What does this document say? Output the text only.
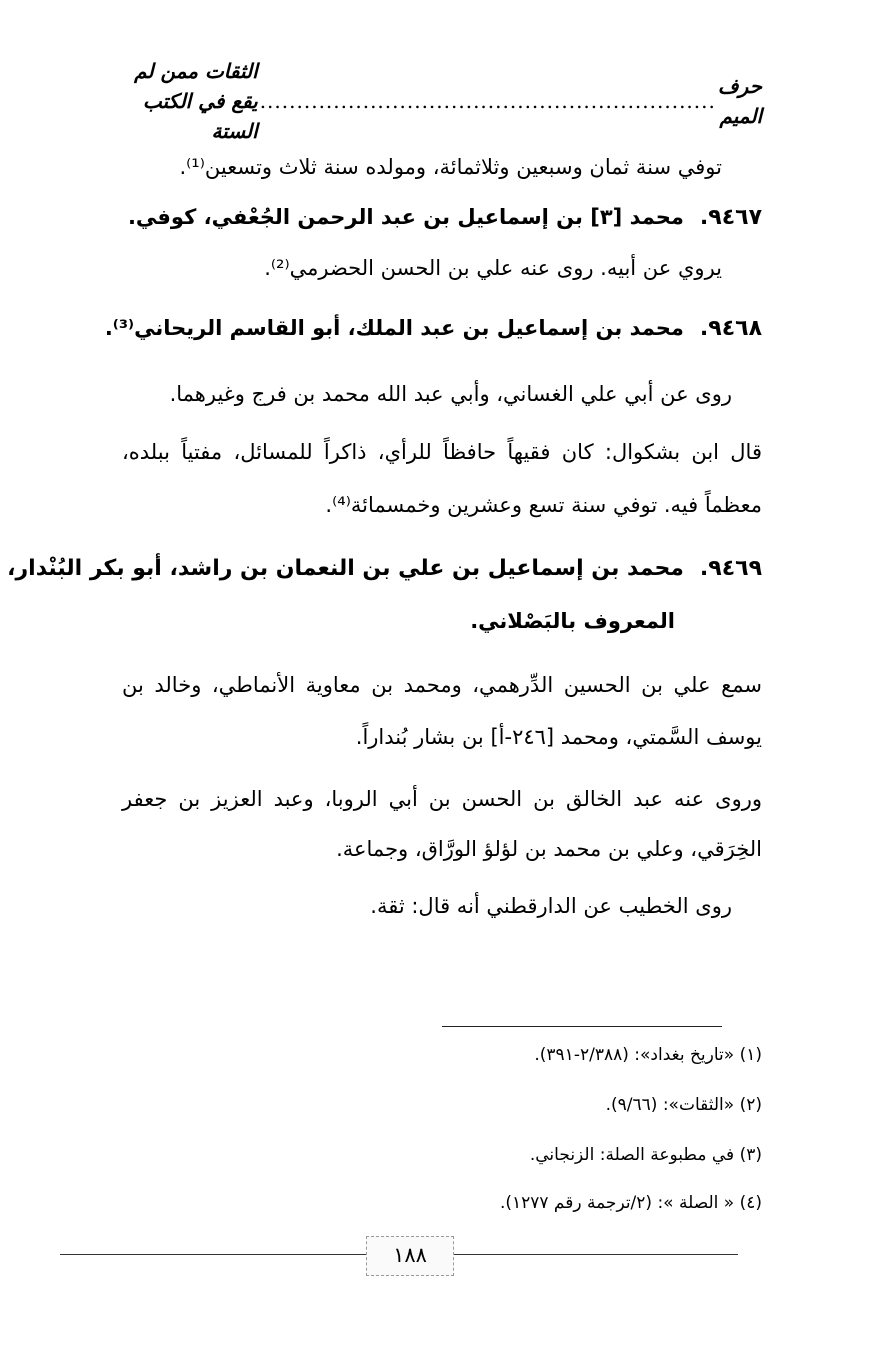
حرف الميم
..............................................................
الثقات ممن لم يقع في الكتب الستة
توفي سنة ثمان وسبعين وثلاثمائة، ومولده سنة ثلاث وتسعين⁽¹⁾.
٩٤٦٧.محمد [٣] بن إسماعيل بن عبد الرحمن الجُعْفي، كوفي.
يروي عن أبيه. روى عنه علي بن الحسن الحضرمي⁽²⁾.
٩٤٦٨.محمد بن إسماعيل بن عبد الملك، أبو القاسم الريحاني⁽³⁾.
روى عن أبي علي الغساني، وأبي عبد الله محمد بن فرج وغيرهما.
قال ابن بشكوال: كان فقيهاً حافظاً للرأي، ذاكراً للمسائل، مفتياً ببلده،
معظماً فيه. توفي سنة تسع وعشرين وخمسمائة⁽⁴⁾.
٩٤٦٩.محمد بن إسماعيل بن علي بن النعمان بن راشد، أبو بكر البُنْدار،
المعروف بالبَصْلاني.
سمع علي بن الحسين الدِّرهمي، ومحمد بن معاوية الأنماطي، وخالد بن
يوسف السَّمتي، ومحمد [٢٤٦-أ] بن بشار بُنداراً.
وروى عنه عبد الخالق بن الحسن بن أبي الروبا، وعبد العزيز بن جعفر
الخِرَقي، وعلي بن محمد بن لؤلؤ الورَّاق، وجماعة.
روى الخطيب عن الدارقطني أنه قال: ثقة.
(١) «تاريخ بغداد»: (٢/٣٨٨-٣٩١).
(٢) «الثقات»: (٩/٦٦).
(٣) في مطبوعة الصلة: الزنجاني.
(٤) « الصلة »: (٢/ترجمة رقم ١٢٧٧).
١٨٨
